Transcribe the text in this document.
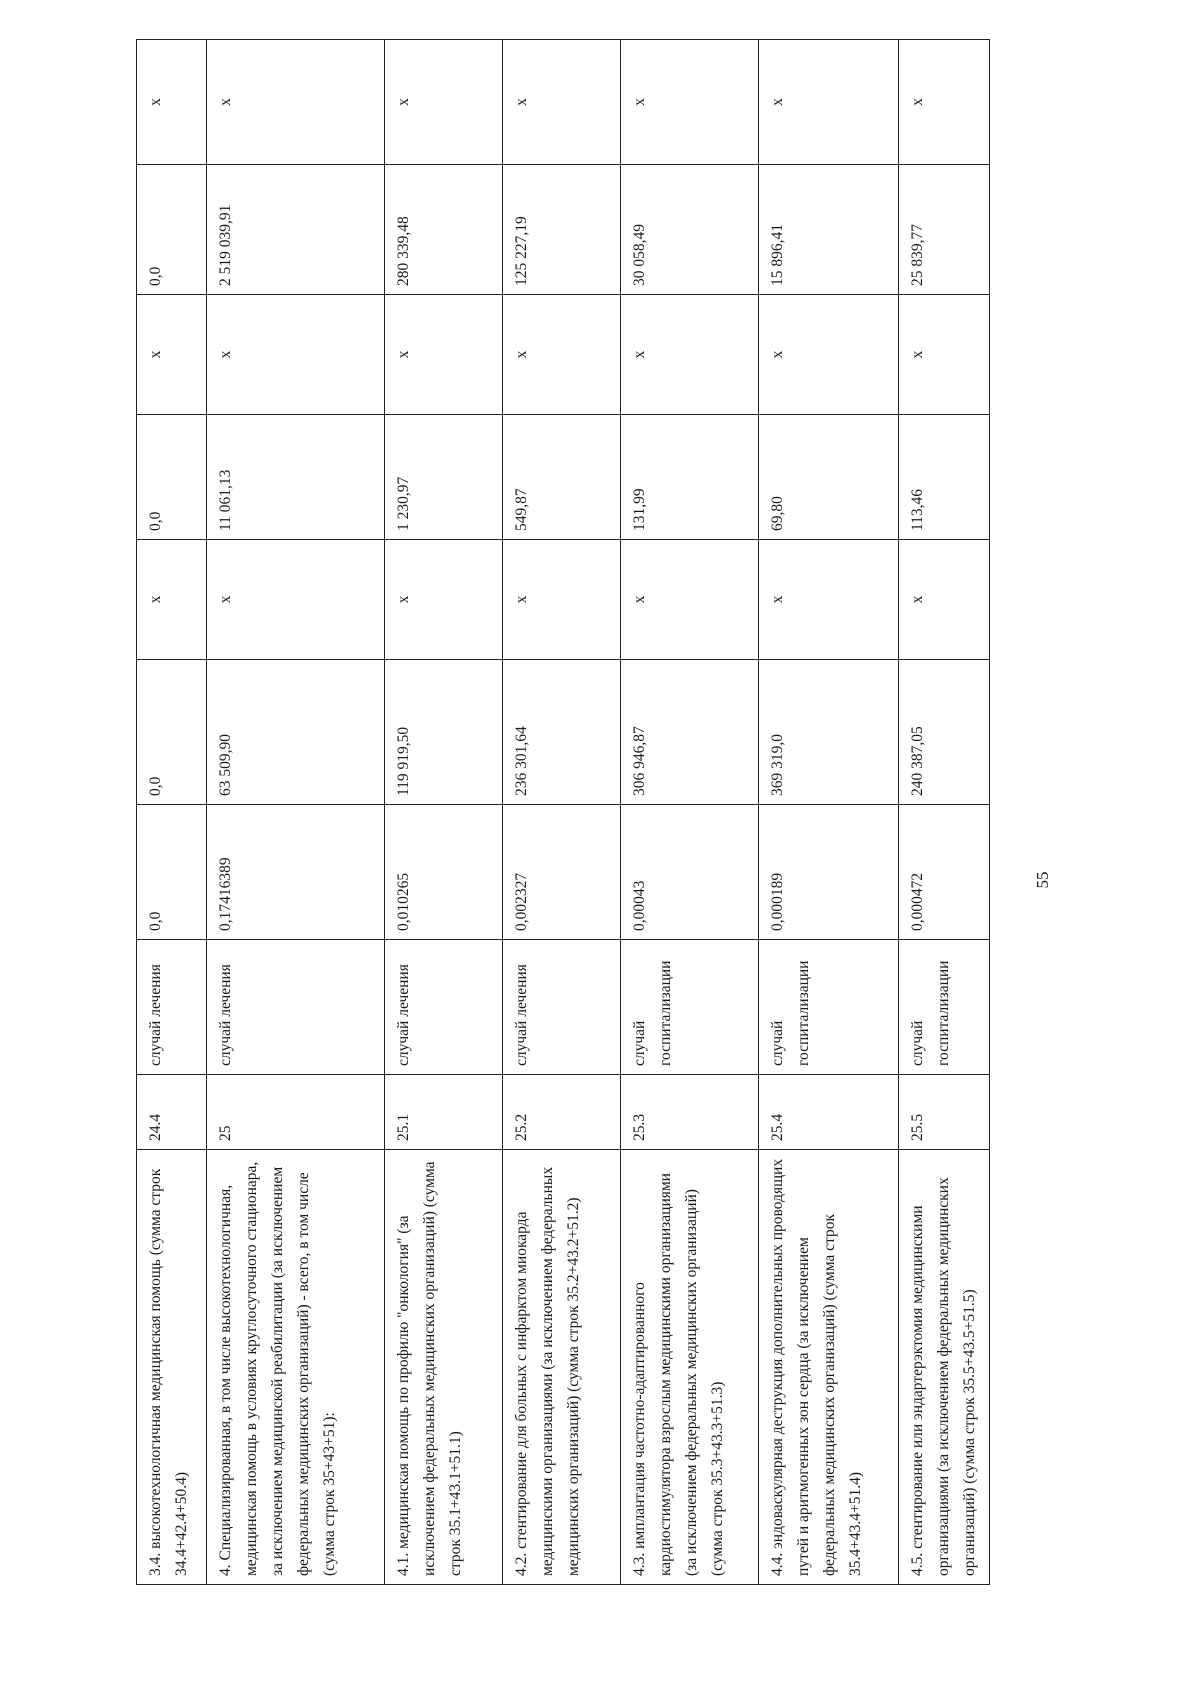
3.4. высокотехнологичная медицинская помощь (сумма строк 34.4+42.4+50.4)	24.4	случай лечения	0,0	0,0	x	0,0	x	0,0	x
4. Специализированная, в том числе высокотехнологичная, медицинская помощь в условиях круглосуточного стационара, за исключением медицинской реабилитации (за исключением федеральных медицинских организаций) - всего, в том числе (сумма строк 35+43+51):	25	случай лечения	0,1741638​9	63 509,90	x	11 061,13	x	2 519 039,91	x
4.1. медицинская помощь по профилю "онкология" (за исключением федеральных медицинских организаций) (сумма строк 35.1+43.1+51.1)	25.1	случай лечения	0,010265	119 919,50	x	1 230,97	x	280 339,48	x
4.2. стентирование для больных с инфарктом миокарда медицинскими организациями (за исключением федеральных медицинских организаций) (сумма строк 35.2+43.2+51.2)	25.2	случай лечения	0,002327	236 301,64	x	549,87	x	125 227,19	x
4.3. имплантация частотно-адаптированного кардиостимулятора взрослым медицинскими организациями (за исключением федеральных медицинских организаций) (сумма строк 35.3+43.3+51.3)	25.3	случай госпитализации	0,00043	306 946,87	x	131,99	x	30 058,49	x
4.4. эндоваскулярная деструкция дополнительных проводящих путей и аритмогенных зон сердца (за исключением федеральных медицинских организаций) (сумма строк 35.4+43.4+51.4)	25.4	случай госпитализации	0,000189	369 319,0	x	69,80	x	15 896,41	x
4.5. стентирование или эндартерэктомия медицинскими организациями (за исключением федеральных медицинских организаций) (сумма строк 35.5+43.5+51.5)	25.5	случай госпитализации	0,000472	240 387,05	x	113,46	x	25 839,77	x
55
